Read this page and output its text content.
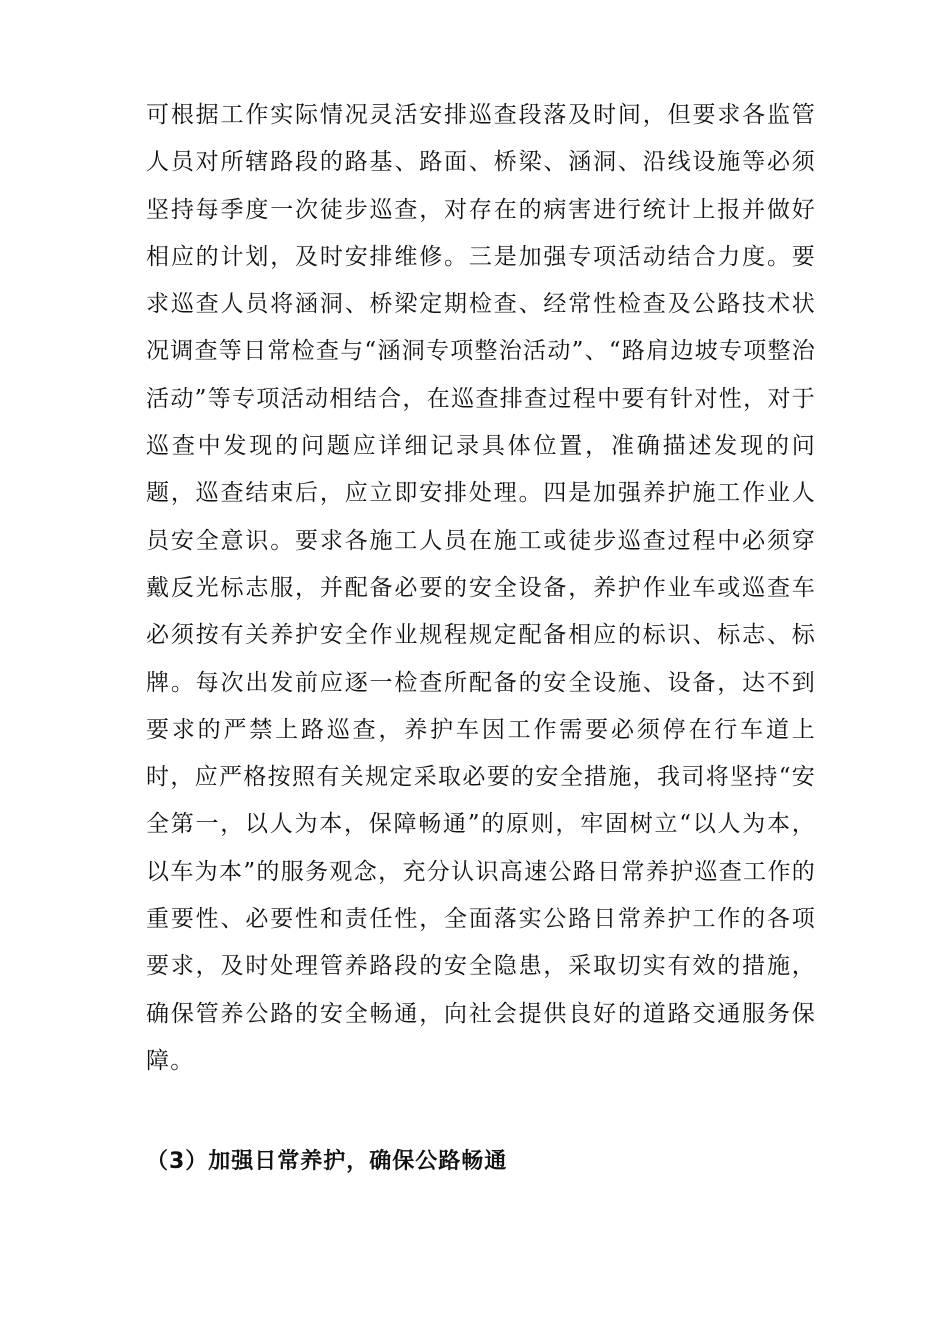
可根据工作实际情况灵活安排巡查段落及时间，但要求各监管人员对所辖路段的路基、路面、桥梁、涵洞、沿线设施等必须坚持每季度一次徒步巡查，对存在的病害进行统计上报并做好相应的计划，及时安排维修。三是加强专项活动结合力度。要求巡查人员将涵洞、桥梁定期检查、经常性检查及公路技术状况调查等日常检查与“涵洞专项整治活动”、“路肩边坡专项整治活动”等专项活动相结合，在巡查排查过程中要有针对性，对于巡查中发现的问题应详细记录具体位置，准确描述发现的问题，巡查结束后，应立即安排处理。四是加强养护施工作业人员安全意识。要求各施工人员在施工或徒步巡查过程中必须穿戴反光标志服，并配备必要的安全设备，养护作业车或巡查车必须按有关养护安全作业规程规定配备相应的标识、标志、标牌。每次出发前应逐一检查所配备的安全设施、设备，达不到要求的严禁上路巡查，养护车因工作需要必须停在行车道上时，应严格按照有关规定采取必要的安全措施，我司将坚持“安全第一，以人为本，保障畅通”的原则，牢固树立“以人为本，以车为本”的服务观念，充分认识高速公路日常养护巡查工作的重要性、必要性和责任性，全面落实公路日常养护工作的各项要求，及时处理管养路段的安全隐患，采取切实有效的措施，确保管养公路的安全畅通，向社会提供良好的道路交通服务保障。

（3）加强日常养护，确保公路畅通
